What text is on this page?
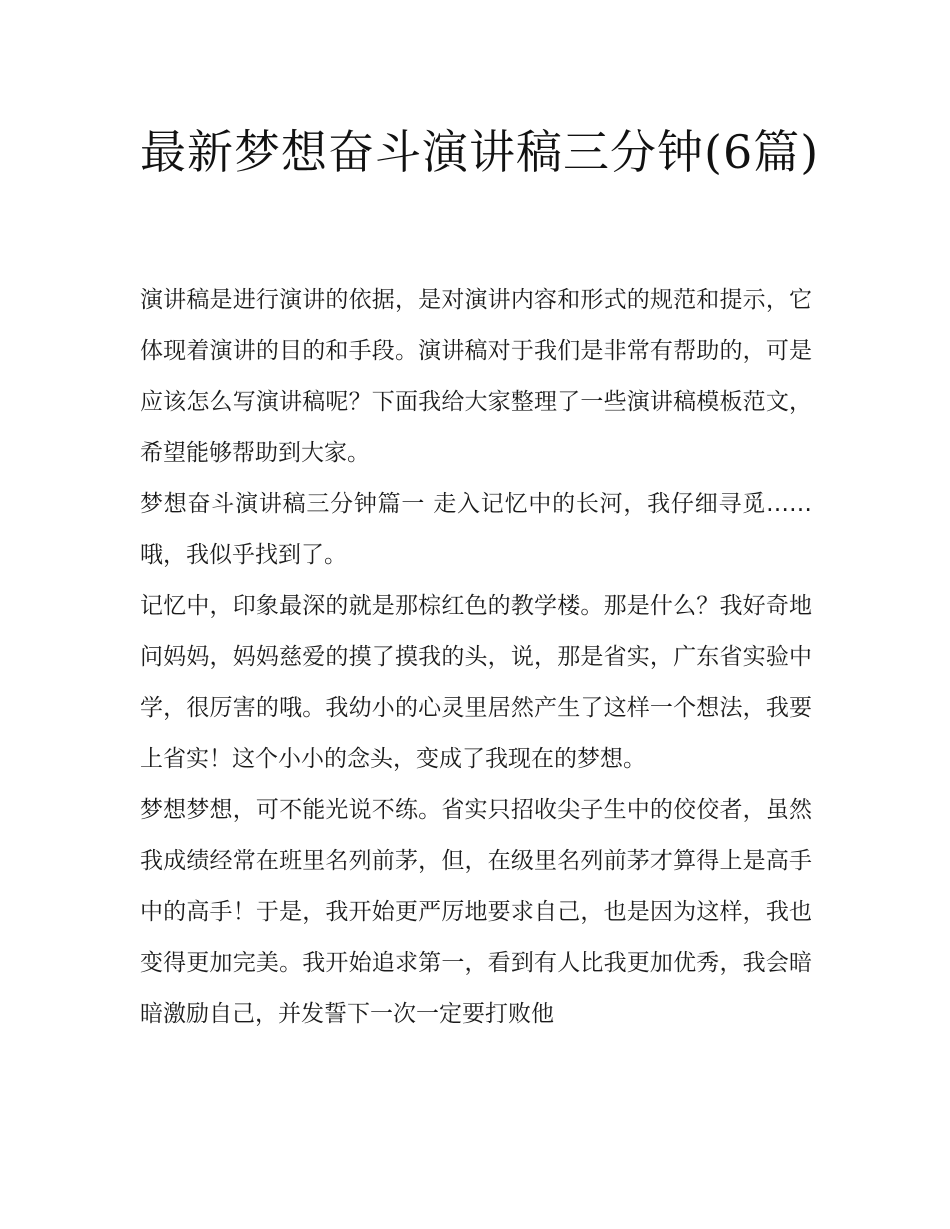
最新梦想奋斗演讲稿三分钟(6篇)

演讲稿是进行演讲的依据，是对演讲内容和形式的规范和提示，它体现着演讲的目的和手段。演讲稿对于我们是非常有帮助的，可是应该怎么写演讲稿呢？下面我给大家整理了一些演讲稿模板范文，希望能够帮助到大家。

梦想奋斗演讲稿三分钟篇一 走入记忆中的长河，我仔细寻觅……哦，我似乎找到了。

记忆中，印象最深的就是那棕红色的教学楼。那是什么？我好奇地问妈妈，妈妈慈爱的摸了摸我的头，说，那是省实，广东省实验中学，很厉害的哦。我幼小的心灵里居然产生了这样一个想法，我要上省实！这个小小的念头，变成了我现在的梦想。

梦想梦想，可不能光说不练。省实只招收尖子生中的佼佼者，虽然我成绩经常在班里名列前茅，但，在级里名列前茅才算得上是高手中的高手！于是，我开始更严厉地要求自己，也是因为这样，我也变得更加完美。我开始追求第一，看到有人比我更加优秀，我会暗暗激励自己，并发誓下一次一定要打败他
